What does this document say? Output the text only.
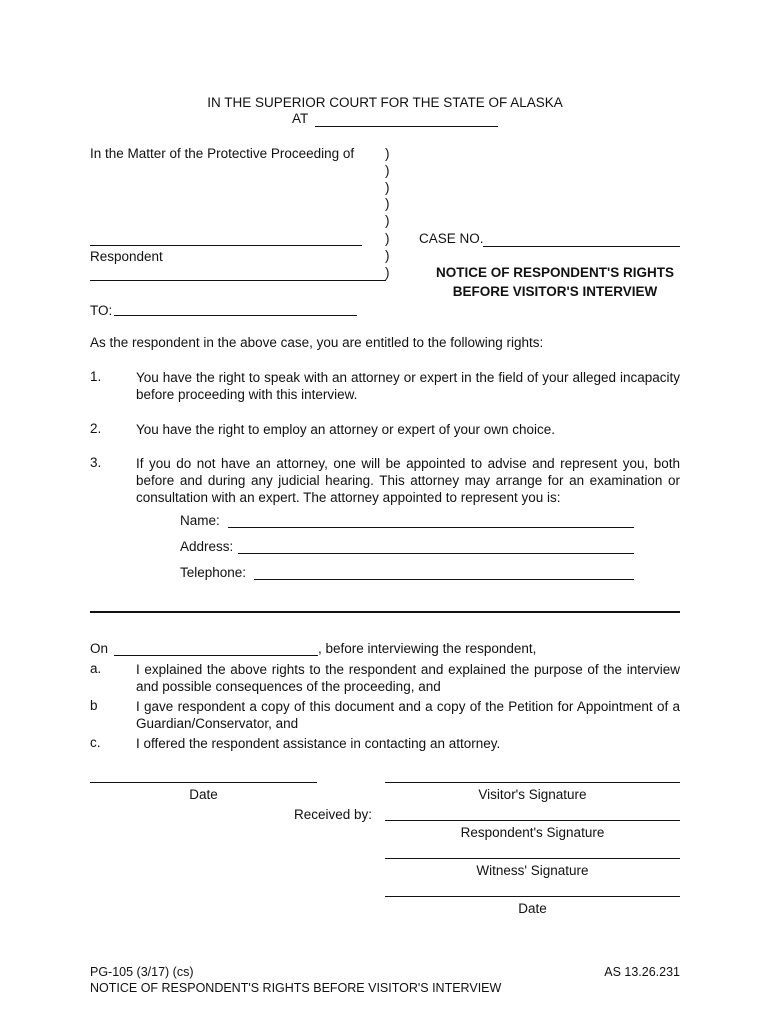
IN THE SUPERIOR COURT FOR THE STATE OF ALASKA
AT
In the Matter of the Protective Proceeding of
Respondent
)
)
)
)
)
)
)
)
CASE NO.
NOTICE OF RESPONDENT'S RIGHTS
BEFORE VISITOR'S INTERVIEW
TO:
As the respondent in the above case, you are entitled to the following rights:
1.	You have the right to speak with an attorney or expert in the field of your alleged incapacity before proceeding with this interview.
2.	You have the right to employ an attorney or expert of your own choice.
3.	If you do not have an attorney, one will be appointed to advise and represent you, both before and during any judicial hearing. This attorney may arrange for an examination or consultation with an expert. The attorney appointed to represent you is:
Name:
Address:
Telephone:
On	, before interviewing the respondent,
a.	I explained the above rights to the respondent and explained the purpose of the interview and possible consequences of the proceeding, and
b	I gave respondent a copy of this document and a copy of the Petition for Appointment of a Guardian/Conservator, and
c.	I offered the respondent assistance in contacting an attorney.
Date	Visitor's Signature
Received by:
Respondent's Signature
Witness' Signature
Date
PG-105 (3/17) (cs)
NOTICE OF RESPONDENT'S RIGHTS BEFORE VISITOR'S INTERVIEW
AS 13.26.231
